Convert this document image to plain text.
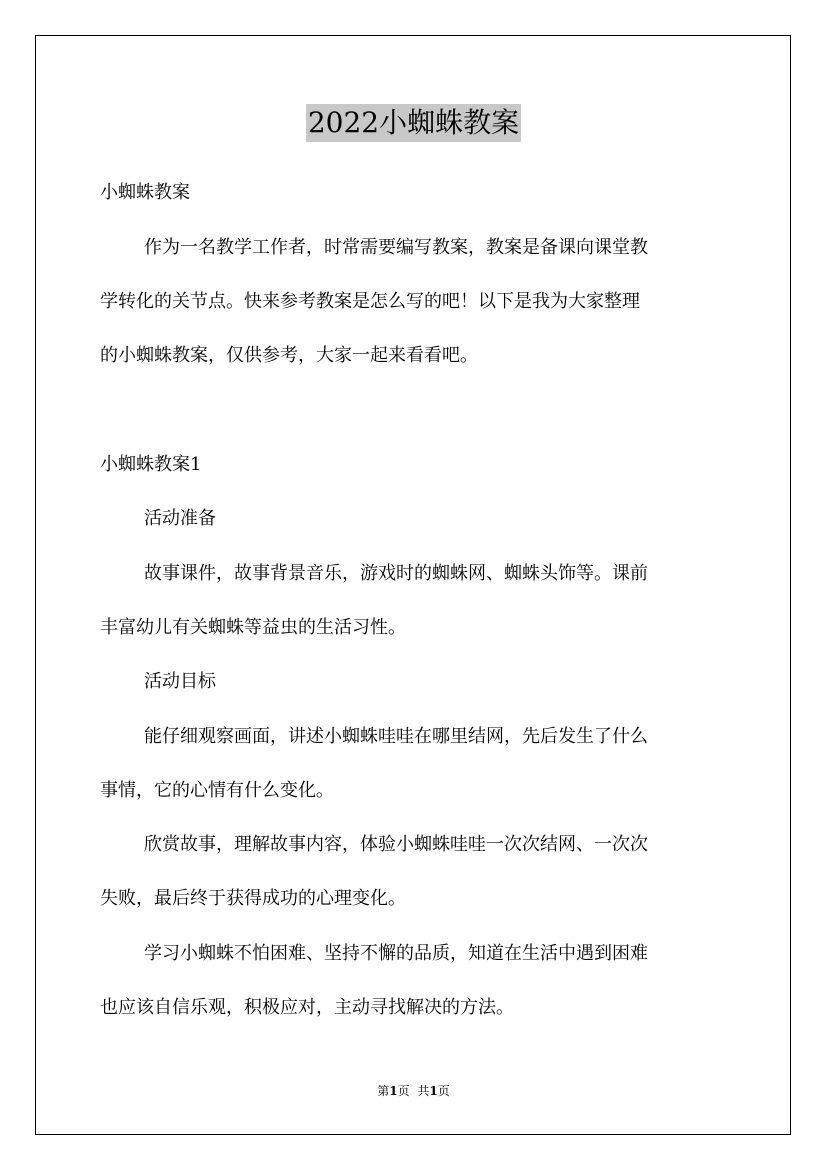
2022小蜘蛛教案
小蜘蛛教案
作为一名教学工作者，时常需要编写教案，教案是备课向课堂教
学转化的关节点。快来参考教案是怎么写的吧！以下是我为大家整理
的小蜘蛛教案，仅供参考，大家一起来看看吧。
小蜘蛛教案1
活动准备
故事课件，故事背景音乐，游戏时的蜘蛛网、蜘蛛头饰等。课前
丰富幼儿有关蜘蛛等益虫的生活习性。
活动目标
能仔细观察画面，讲述小蜘蛛哇哇在哪里结网，先后发生了什么
事情，它的心情有什么变化。
欣赏故事，理解故事内容，体验小蜘蛛哇哇一次次结网、一次次
失败，最后终于获得成功的心理变化。
学习小蜘蛛不怕困难、坚持不懈的品质，知道在生活中遇到困难
也应该自信乐观，积极应对，主动寻找解决的方法。
第1页 共1页
